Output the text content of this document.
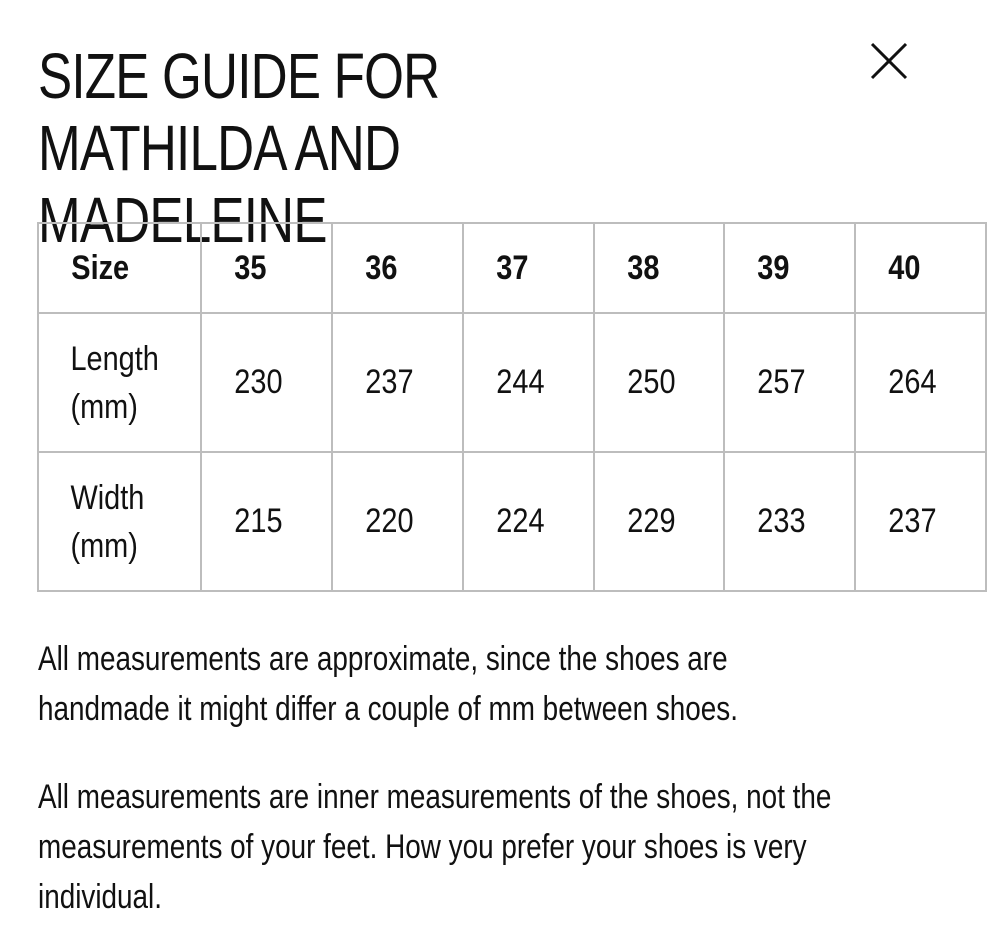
SIZE GUIDE FOR MATHILDA AND MADELEINE
Size	35	36	37	38	39	40

Length
(mm)	230	237	244	250	257	264

Width
(mm)	215	220	224	229	233	237

All measurements are approximate, since the shoes are handmade it might differ a couple of mm between shoes.

All measurements are inner measurements of the shoes, not the measurements of your feet. How you prefer your shoes is very individual.
